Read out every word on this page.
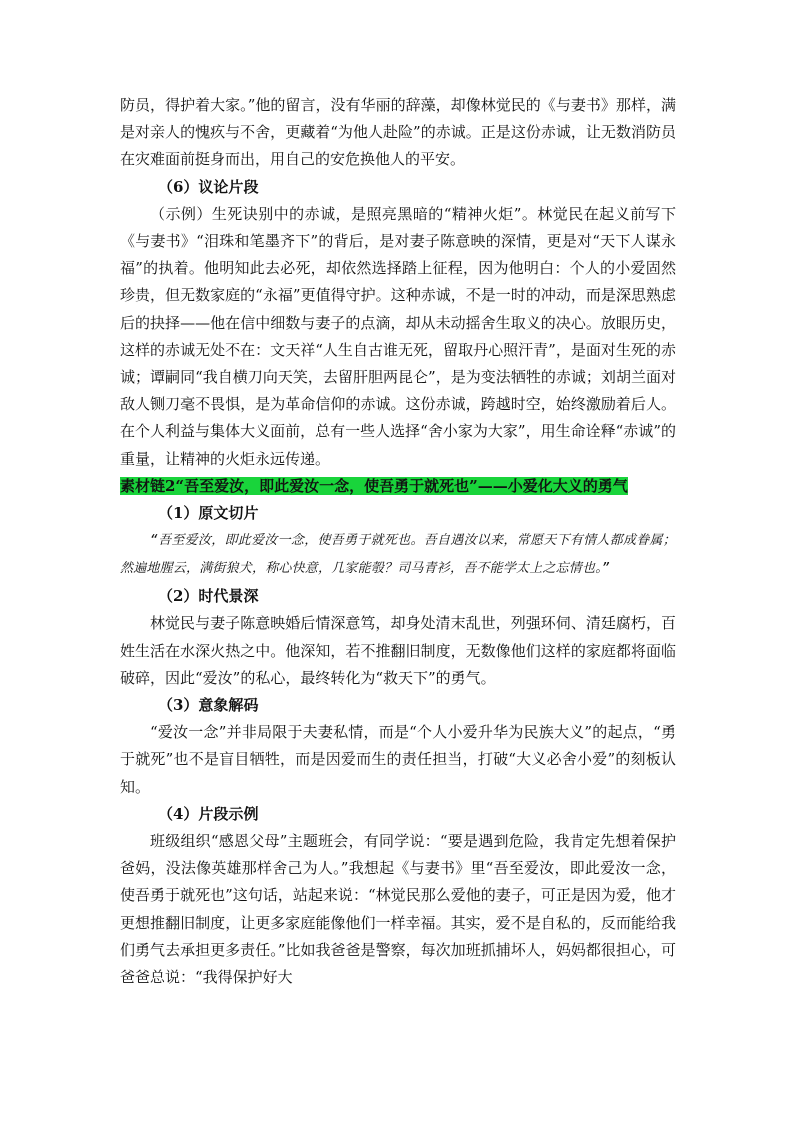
防员，得护着大家。”他的留言，没有华丽的辞藻，却像林觉民的《与妻书》那样，满是对亲人的愧疚与不舍，更藏着“为他人赴险”的赤诚。正是这份赤诚，让无数消防员在灾难面前挺身而出，用自己的安危换他人的平安。

（6）议论片段

（示例）生死诀别中的赤诚，是照亮黑暗的“精神火炬”。林觉民在起义前写下《与妻书》“泪珠和笔墨齐下”的背后，是对妻子陈意映的深情，更是对“天下人谋永福”的执着。他明知此去必死，却依然选择踏上征程，因为他明白：个人的小爱固然珍贵，但无数家庭的“永福”更值得守护。这种赤诚，不是一时的冲动，而是深思熟虑后的抉择——他在信中细数与妻子的点滴，却从未动摇舍生取义的决心。放眼历史，这样的赤诚无处不在：文天祥“人生自古谁无死，留取丹心照汗青”，是面对生死的赤诚；谭嗣同“我自横刀向天笑，去留肝胆两昆仑”，是为变法牺牲的赤诚；刘胡兰面对敌人铡刀毫不畏惧，是为革命信仰的赤诚。这份赤诚，跨越时空，始终激励着后人。在个人利益与集体大义面前，总有一些人选择“舍小家为大家”，用生命诠释“赤诚”的重量，让精神的火炬永远传递。

素材链2“吾至爱汝，即此爱汝一念，使吾勇于就死也”——小爱化大义的勇气

（1）原文切片

“吾至爱汝，即此爱汝一念，使吾勇于就死也。吾自遇汝以来，常愿天下有情人都成眷属；然遍地腥云，满街狼犬，称心快意，几家能彀？司马青衫，吾不能学太上之忘情也。”

（2）时代景深

林觉民与妻子陈意映婚后情深意笃，却身处清末乱世，列强环伺、清廷腐朽，百姓生活在水深火热之中。他深知，若不推翻旧制度，无数像他们这样的家庭都将面临破碎，因此“爱汝”的私心，最终转化为“救天下”的勇气。

（3）意象解码

“爱汝一念”并非局限于夫妻私情，而是“个人小爱升华为民族大义”的起点，“勇于就死”也不是盲目牺牲，而是因爱而生的责任担当，打破“大义必舍小爱”的刻板认知。

（4）片段示例

班级组织“感恩父母”主题班会，有同学说：“要是遇到危险，我肯定先想着保护爸妈，没法像英雄那样舍己为人。”我想起《与妻书》里“吾至爱汝，即此爱汝一念，使吾勇于就死也”这句话，站起来说：“林觉民那么爱他的妻子，可正是因为爱，他才更想推翻旧制度，让更多家庭能像他们一样幸福。其实，爱不是自私的，反而能给我们勇气去承担更多责任。”比如我爸爸是警察，每次加班抓捕坏人，妈妈都很担心，可爸爸总说：“我得保护好大
